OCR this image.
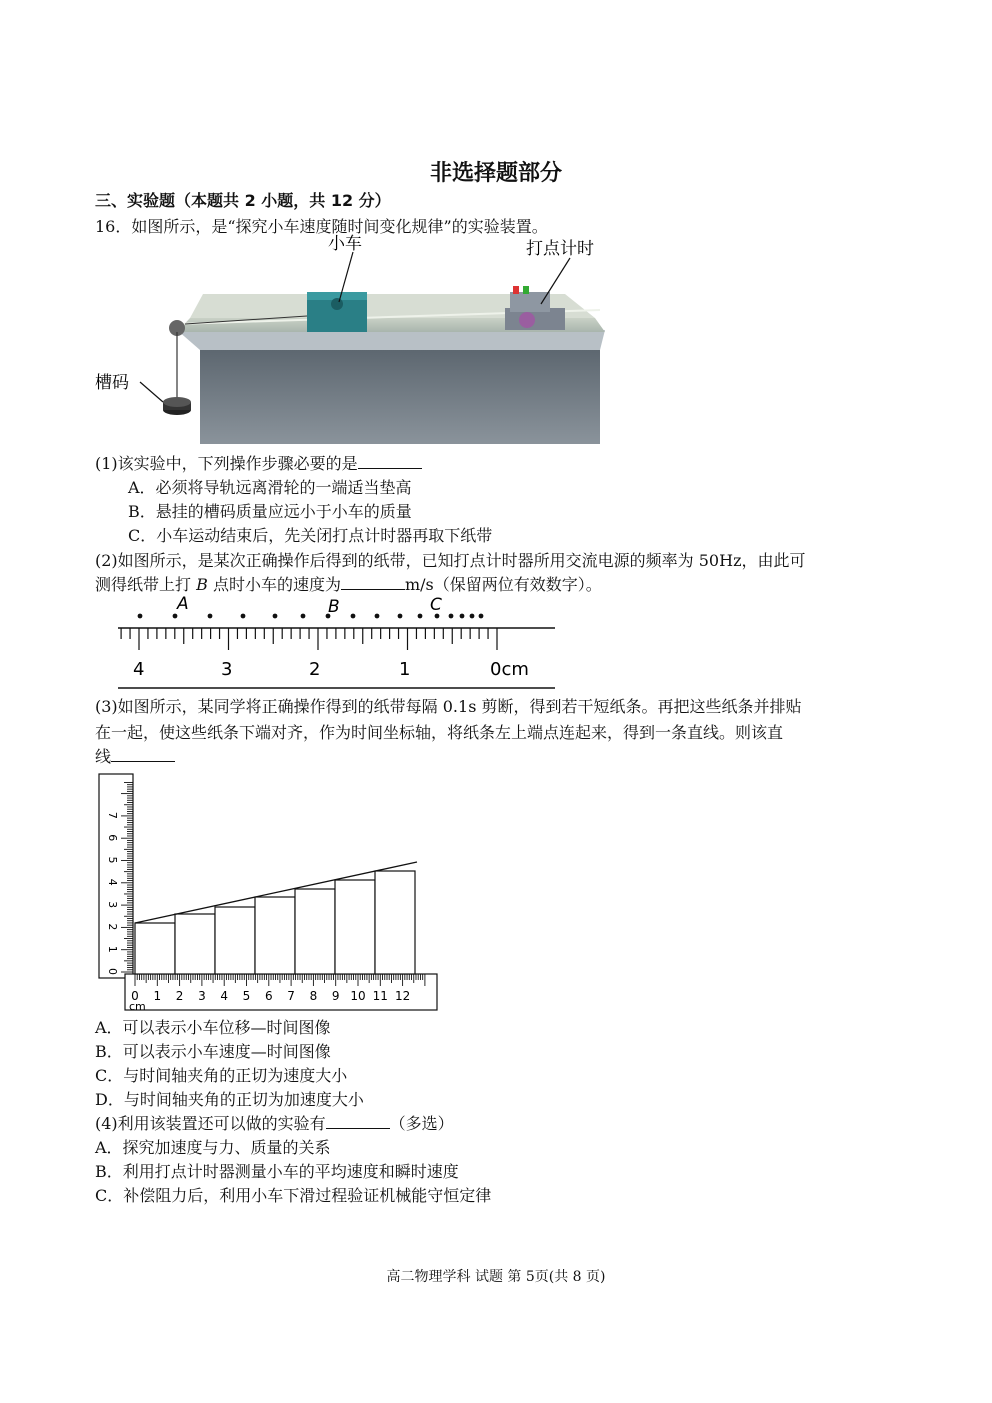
非选择题部分
三、实验题（本题共 2 小题，共 12 分）
16．如图所示，是“探究小车速度随时间变化规律”的实验装置。
小车	打点计时
槽码
(1)该实验中，下列操作步骤必要的是
A．必须将导轨远离滑轮的一端适当垫高
B．悬挂的槽码质量应远小于小车的质量
C．小车运动结束后，先关闭打点计时器再取下纸带
(2)如图所示，是某次正确操作后得到的纸带，已知打点计时器所用交流电源的频率为 50Hz，由此可
测得纸带上打 B 点时小车的速度为	m/s（保留两位有效数字）。
A	B	C
4	3	2	1	0cm
(3)如图所示，某同学将正确操作得到的纸带每隔 0.1s 剪断，得到若干短纸条。再把这些纸条并排贴
在一起，使这些纸条下端对齐，作为时间坐标轴，将纸条左上端点连起来，得到一条直线。则该直
线
0
1
2
3
4
5
6
7
0 1 2 3 4 5 6 7 8 9 10 11 12
cm
A．可以表示小车位移—时间图像
B．可以表示小车速度—时间图像
C．与时间轴夹角的正切为速度大小
D．与时间轴夹角的正切为加速度大小
(4)利用该装置还可以做的实验有	（多选）
A．探究加速度与力、质量的关系
B．利用打点计时器测量小车的平均速度和瞬时速度
C．补偿阻力后，利用小车下滑过程验证机械能守恒定律
高二物理学科 试题 第 5页(共 8 页)
